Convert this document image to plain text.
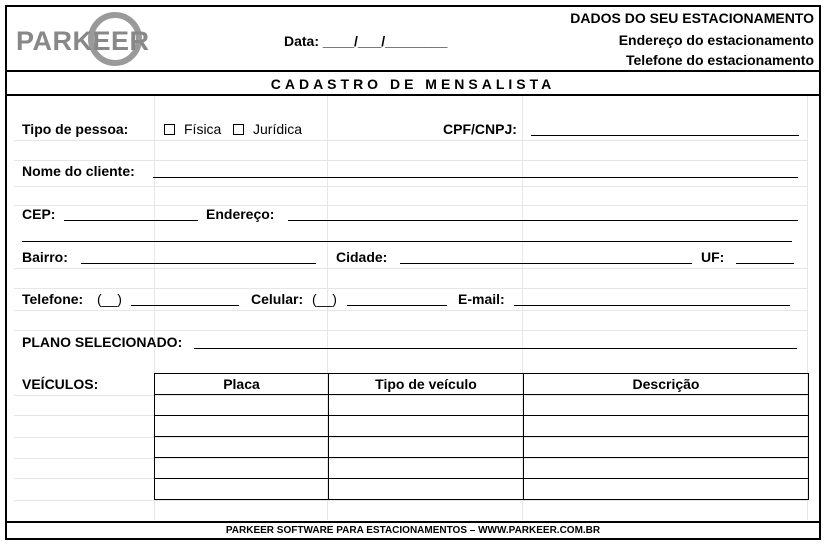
PARKEER	Data: ____/___/________
DADOS DO SEU ESTACIONAMENTO
Endereço do estacionamento
Telefone do estacionamento
CADASTRO DE MENSALISTA
Tipo de pessoa:	Física Jurídica	CPF/CNPJ:
Nome do cliente:
CEP:	Endereço:
Bairro:	Cidade:	UF:
Telefone: (__)	Celular: (__)	E-mail:
PLANO SELECIONADO:
VEÍCULOS:	Placa	Tipo de veículo	Descrição

PARKEER SOFTWARE PARA ESTACIONAMENTOS – WWW.PARKEER.COM.BR
